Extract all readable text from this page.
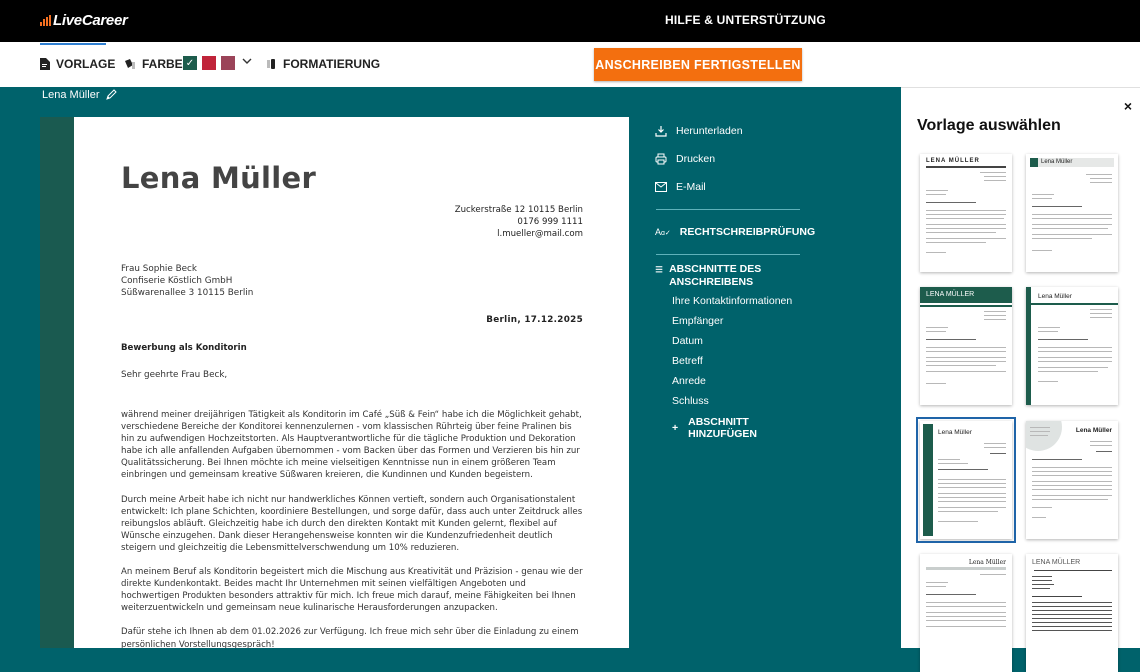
LiveCareer	HILFE & UNTERSTÜTZUNG
VORLAGE FARBE ✓	FORMATIERUNG	ANSCHREIBEN FERTIGSTELLEN
Lena Müller
Lena Müller
Zuckerstraße 12 10115 Berlin
0176 999 1111
l.mueller@mail.com
Frau Sophie Beck
Confiserie Köstlich GmbH
Süßwarenallee 3 10115 Berlin
Berlin, 17.12.2025
Bewerbung als Konditorin
Sehr geehrte Frau Beck,

während meiner dreijährigen Tätigkeit als Konditorin im Café „Süß & Fein“ habe ich die Möglichkeit gehabt, verschiedene Bereiche der Konditorei kennenzulernen - vom klassischen Rührteig über feine Pralinen bis hin zu aufwendigen Hochzeitstorten. Als Hauptverantwortliche für die tägliche Produktion und Dekoration habe ich alle anfallenden Aufgaben übernommen - vom Backen über das Formen und Verzieren bis hin zur Qualitätssicherung. Bei Ihnen möchte ich meine vielseitigen Kenntnisse nun in einem größeren Team einbringen und gemeinsam kreative Süßwaren kreieren, die Kundinnen und Kunden begeistern.

Durch meine Arbeit habe ich nicht nur handwerkliches Können vertieft, sondern auch Organisationstalent entwickelt: Ich plane Schichten, koordiniere Bestellungen, und sorge dafür, dass auch unter Zeitdruck alles reibungslos abläuft. Gleichzeitig habe ich durch den direkten Kontakt mit Kunden gelernt, flexibel auf Wünsche einzugehen. Dank dieser Herangehensweise konnten wir die Kundenzufriedenheit deutlich steigern und gleichzeitig die Lebensmittelverschwendung um 10% reduzieren.

An meinem Beruf als Konditorin begeistert mich die Mischung aus Kreativität und Präzision - genau wie der direkte Kundenkontakt. Beides macht Ihr Unternehmen mit seinen vielfältigen Angeboten und hochwertigen Produkten besonders attraktiv für mich. Ich freue mich darauf, meine Fähigkeiten bei Ihnen weiterzuentwickeln und gemeinsam neue kulinarische Herausforderungen anzupacken.

Dafür stehe ich Ihnen ab dem 01.02.2026 zur Verfügung. Ich freue mich sehr über die Einladung zu einem persönlichen Vorstellungsgespräch!

Herunterladen
Drucken
E-Mail
Aɑ✓ RECHTSCHREIBPRÜFUNG
ABSCHNITTE DES ANSCHREIBENS
Ihre Kontaktinformationen
Empfänger
Datum
Betreff
Anrede
Schluss
+ ABSCHNITT HINZUFÜGEN
×
Vorlage auswählen
LENA MÜLLER	Lena Müller
LENA MÜLLER	Lena Müller
Lena Müller	Lena Müller
Lena Müller	LENA MÜLLER
